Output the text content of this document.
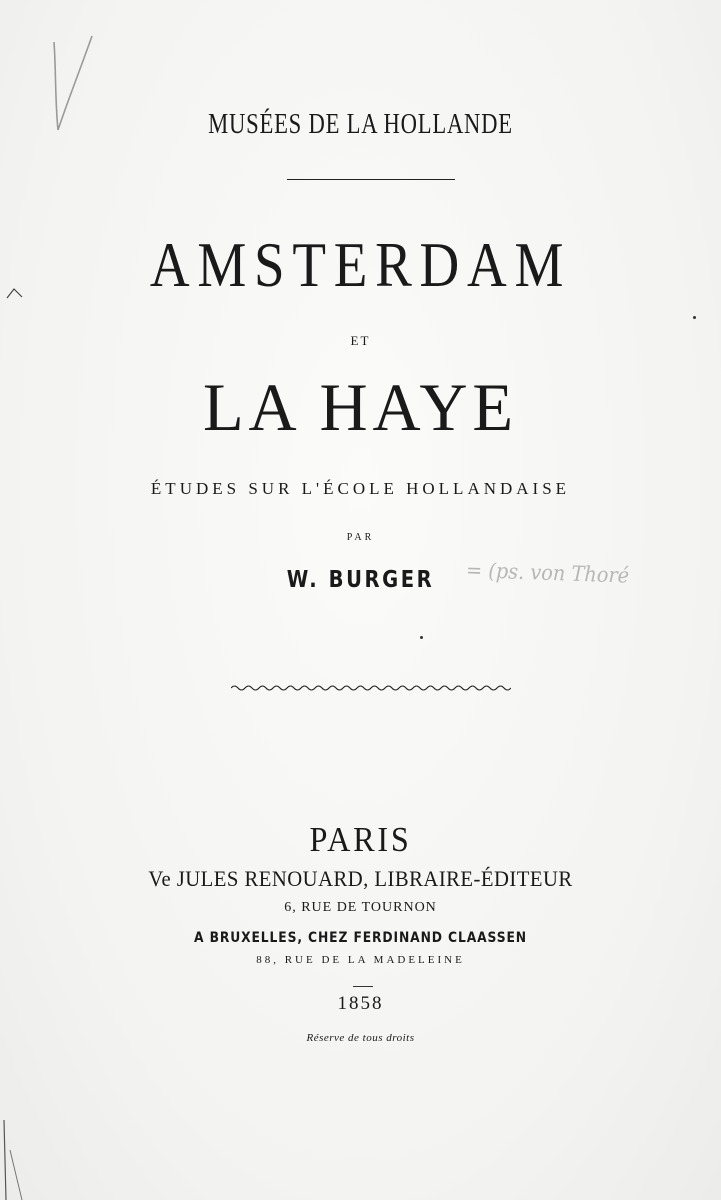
MUSÉES DE LA HOLLANDE
AMSTERDAM
ET
LA HAYE
ÉTUDES SUR L'ÉCOLE HOLLANDAISE
PAR
W. BURGER	= (ps. von Thoré
PARIS
Ve JULES RENOUARD, LIBRAIRE-ÉDITEUR
6, RUE DE TOURNON
A BRUXELLES, CHEZ FERDINAND CLAASSEN
88, RUE DE LA MADELEINE
1858
Réserve de tous droits
